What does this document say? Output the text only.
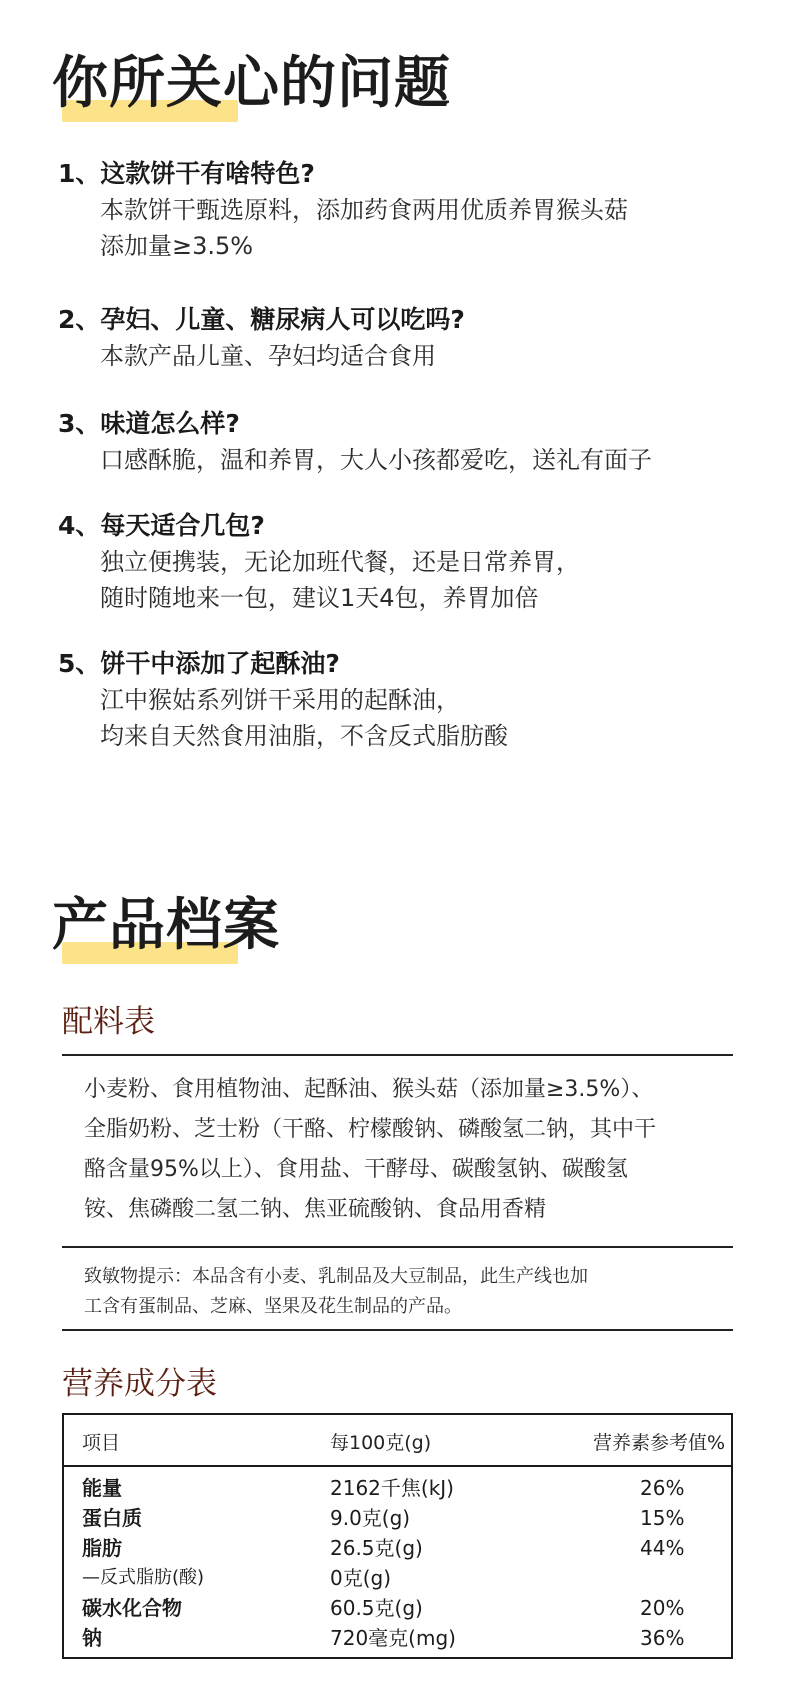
你所关心的问题
1、这款饼干有啥特色?
本款饼干甄选原料，添加药食两用优质养胃猴头菇
添加量≥3.5%
2、孕妇、儿童、糖尿病人可以吃吗?
本款产品儿童、孕妇均适合食用
3、味道怎么样?
口感酥脆，温和养胃，大人小孩都爱吃，送礼有面子
4、每天适合几包?
独立便携装，无论加班代餐，还是日常养胃，
随时随地来一包，建议1天4包，养胃加倍
5、饼干中添加了起酥油?
江中猴姑系列饼干采用的起酥油，
均来自天然食用油脂，不含反式脂肪酸
产品档案
配料表
小麦粉、食用植物油、起酥油、猴头菇（添加量≥3.5%）、
全脂奶粉、芝士粉（干酪、柠檬酸钠、磷酸氢二钠，其中干
酪含量95%以上）、食用盐、干酵母、碳酸氢钠、碳酸氢
铵、焦磷酸二氢二钠、焦亚硫酸钠、食品用香精
致敏物提示：本品含有小麦、乳制品及大豆制品，此生产线也加
工含有蛋制品、芝麻、坚果及花生制品的产品。
营养成分表
项目	每100克(g)	营养素参考值%
能量	2162千焦(kJ)	26%
蛋白质	9.0克(g)	15%
脂肪	26.5克(g)	44%
—反式脂肪(酸)	0克(g)
碳水化合物	60.5克(g)	20%
钠	720毫克(mg)	36%
